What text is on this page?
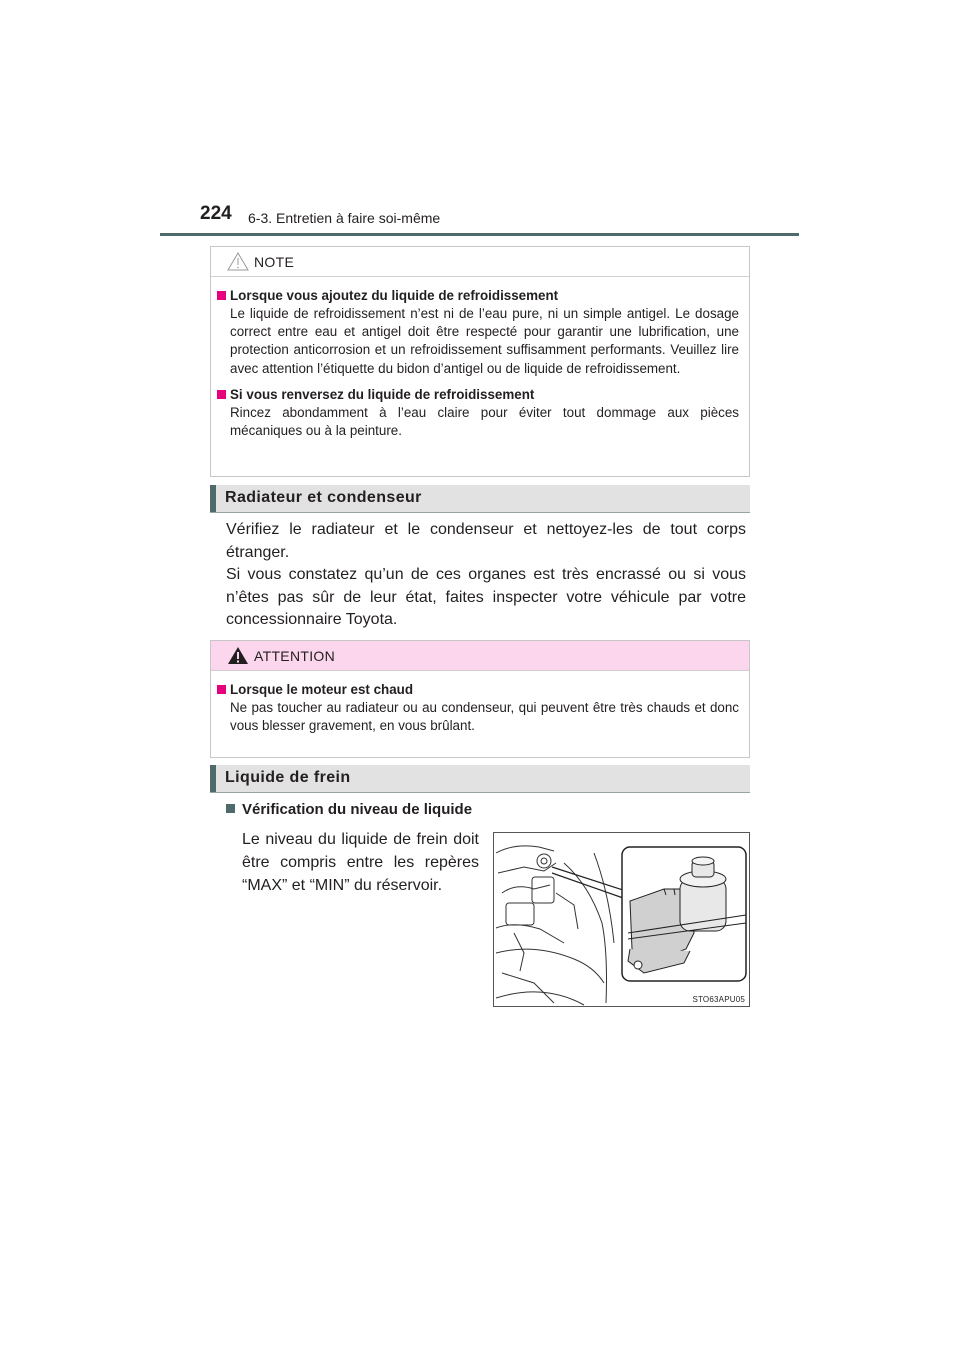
224 6-3. Entretien à faire soi-même
NOTE
Lorsque vous ajoutez du liquide de refroidissement
Le liquide de refroidissement n’est ni de l’eau pure, ni un simple antigel. Le dosage correct entre eau et antigel doit être respecté pour garantir une lubrification, une protection anticorrosion et un refroidissement suffisamment performants. Veuillez lire avec attention l’étiquette du bidon d’antigel ou de liquide de refroidissement.
Si vous renversez du liquide de refroidissement
Rincez abondamment à l’eau claire pour éviter tout dommage aux pièces mécaniques ou à la peinture.
Radiateur et condenseur
Vérifiez le radiateur et le condenseur et nettoyez-les de tout corps étranger.
Si vous constatez qu’un de ces organes est très encrassé ou si vous n’êtes pas sûr de leur état, faites inspecter votre véhicule par votre concessionnaire Toyota.
ATTENTION
Lorsque le moteur est chaud
Ne pas toucher au radiateur ou au condenseur, qui peuvent être très chauds et donc vous blesser gravement, en vous brûlant.
Liquide de frein
Vérification du niveau de liquide
Le niveau du liquide de frein doit être compris entre les repères “MAX” et “MIN” du réservoir.
STO63APU05
